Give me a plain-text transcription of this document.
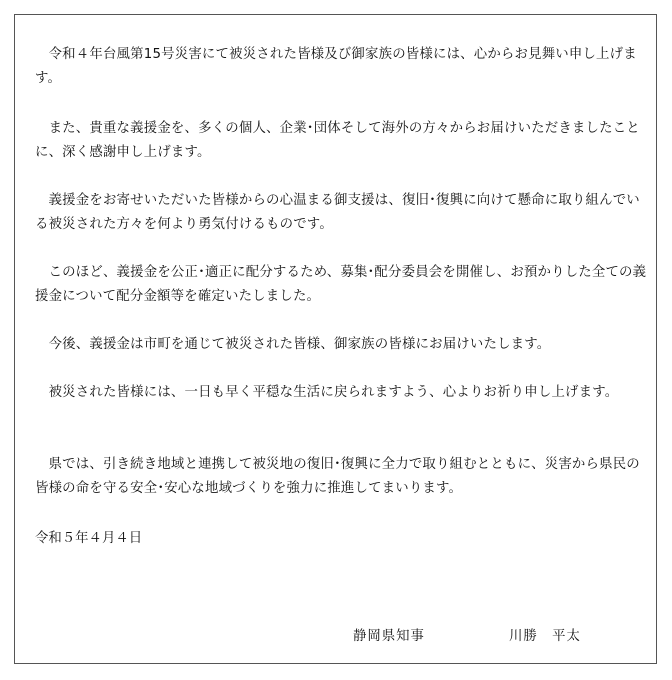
　令和４年台風第15号災害にて被災された皆様及び御家族の皆様には、心からお見舞い申し上げます。

　また、貴重な義援金を、多くの個人、企業･団体そして海外の方々からお届けいただきましたことに、深く感謝申し上げます。

　義援金をお寄せいただいた皆様からの心温まる御支援は、復旧･復興に向けて懸命に取り組んでいる被災された方々を何より勇気付けるものです。

　このほど、義援金を公正･適正に配分するため、募集･配分委員会を開催し、お預かりした全ての義援金について配分金額等を確定いたしました。

　今後、義援金は市町を通じて被災された皆様、御家族の皆様にお届けいたします。

　被災された皆様には、一日も早く平穏な生活に戻られますよう、心よりお祈り申し上げます。

　県では、引き続き地域と連携して被災地の復旧･復興に全力で取り組むとともに、災害から県民の皆様の命を守る安全･安心な地域づくりを強力に推進してまいります。

令和５年４月４日

静岡県知事	川勝　平太
